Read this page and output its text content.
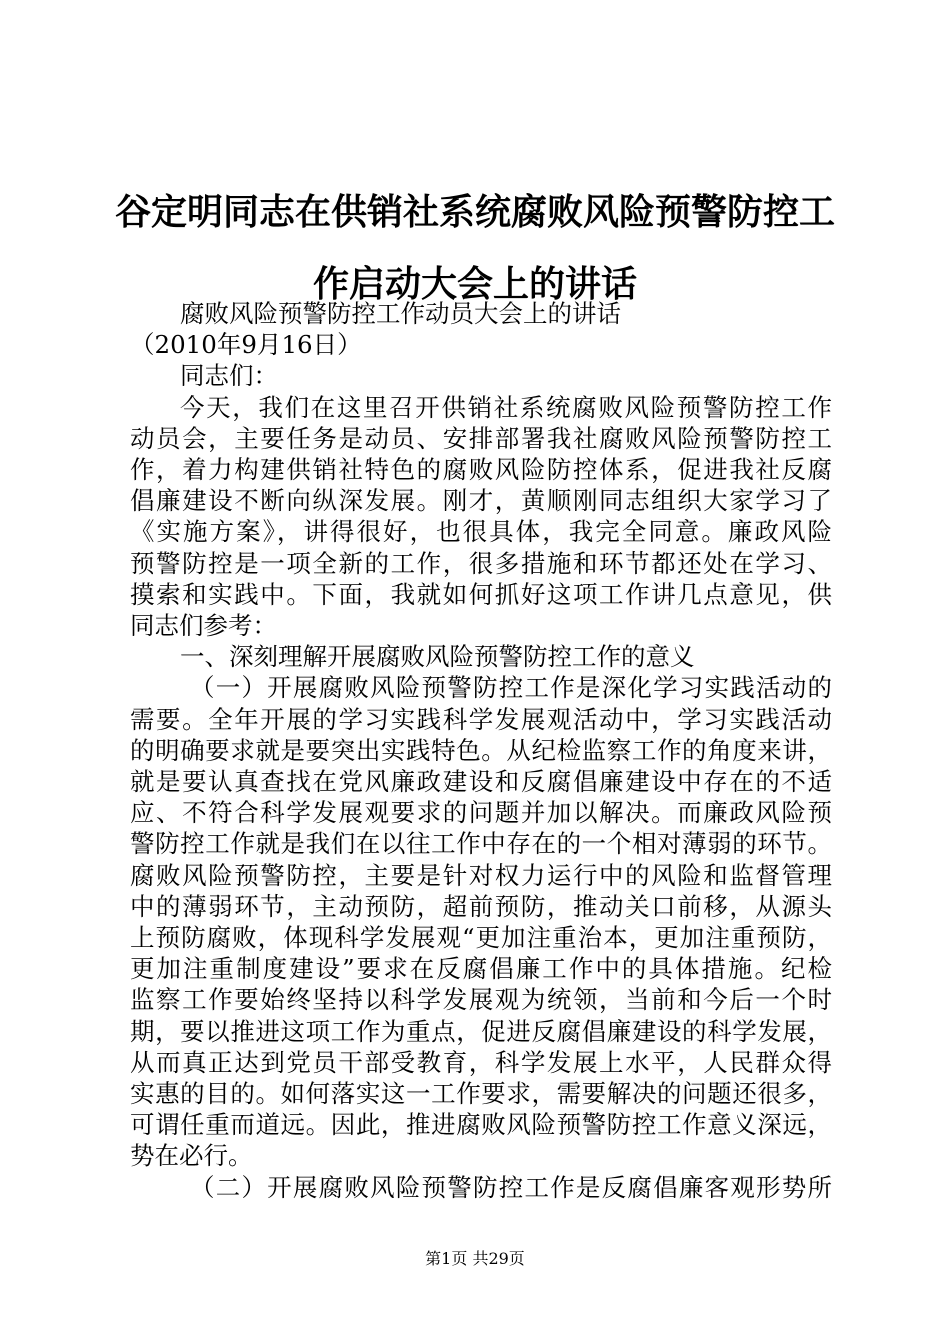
谷定明同志在供销社系统腐败风险预警防控工
作启动大会上的讲话
腐败风险预警防控工作动员大会上的讲话
（2010年9月16日）
同志们：
今天，我们在这里召开供销社系统腐败风险预警防控工作
动员会，主要任务是动员、安排部署我社腐败风险预警防控工
作，着力构建供销社特色的腐败风险防控体系，促进我社反腐
倡廉建设不断向纵深发展。刚才，黄顺刚同志组织大家学习了
《实施方案》，讲得很好，也很具体，我完全同意。廉政风险
预警防控是一项全新的工作，很多措施和环节都还处在学习、
摸索和实践中。下面，我就如何抓好这项工作讲几点意见，供
同志们参考：
一、深刻理解开展腐败风险预警防控工作的意义
（一）开展腐败风险预警防控工作是深化学习实践活动的
需要。全年开展的学习实践科学发展观活动中，学习实践活动
的明确要求就是要突出实践特色。从纪检监察工作的角度来讲，
就是要认真查找在党风廉政建设和反腐倡廉建设中存在的不适
应、不符合科学发展观要求的问题并加以解决。而廉政风险预
警防控工作就是我们在以往工作中存在的一个相对薄弱的环节。
腐败风险预警防控，主要是针对权力运行中的风险和监督管理
中的薄弱环节，主动预防，超前预防，推动关口前移，从源头
上预防腐败，体现科学发展观“更加注重治本，更加注重预防，
更加注重制度建设”要求在反腐倡廉工作中的具体措施。纪检
监察工作要始终坚持以科学发展观为统领，当前和今后一个时
期，要以推进这项工作为重点，促进反腐倡廉建设的科学发展，
从而真正达到党员干部受教育，科学发展上水平，人民群众得
实惠的目的。如何落实这一工作要求，需要解决的问题还很多，
可谓任重而道远。因此，推进腐败风险预警防控工作意义深远，
势在必行。
（二）开展腐败风险预警防控工作是反腐倡廉客观形势所
第1页 共29页
